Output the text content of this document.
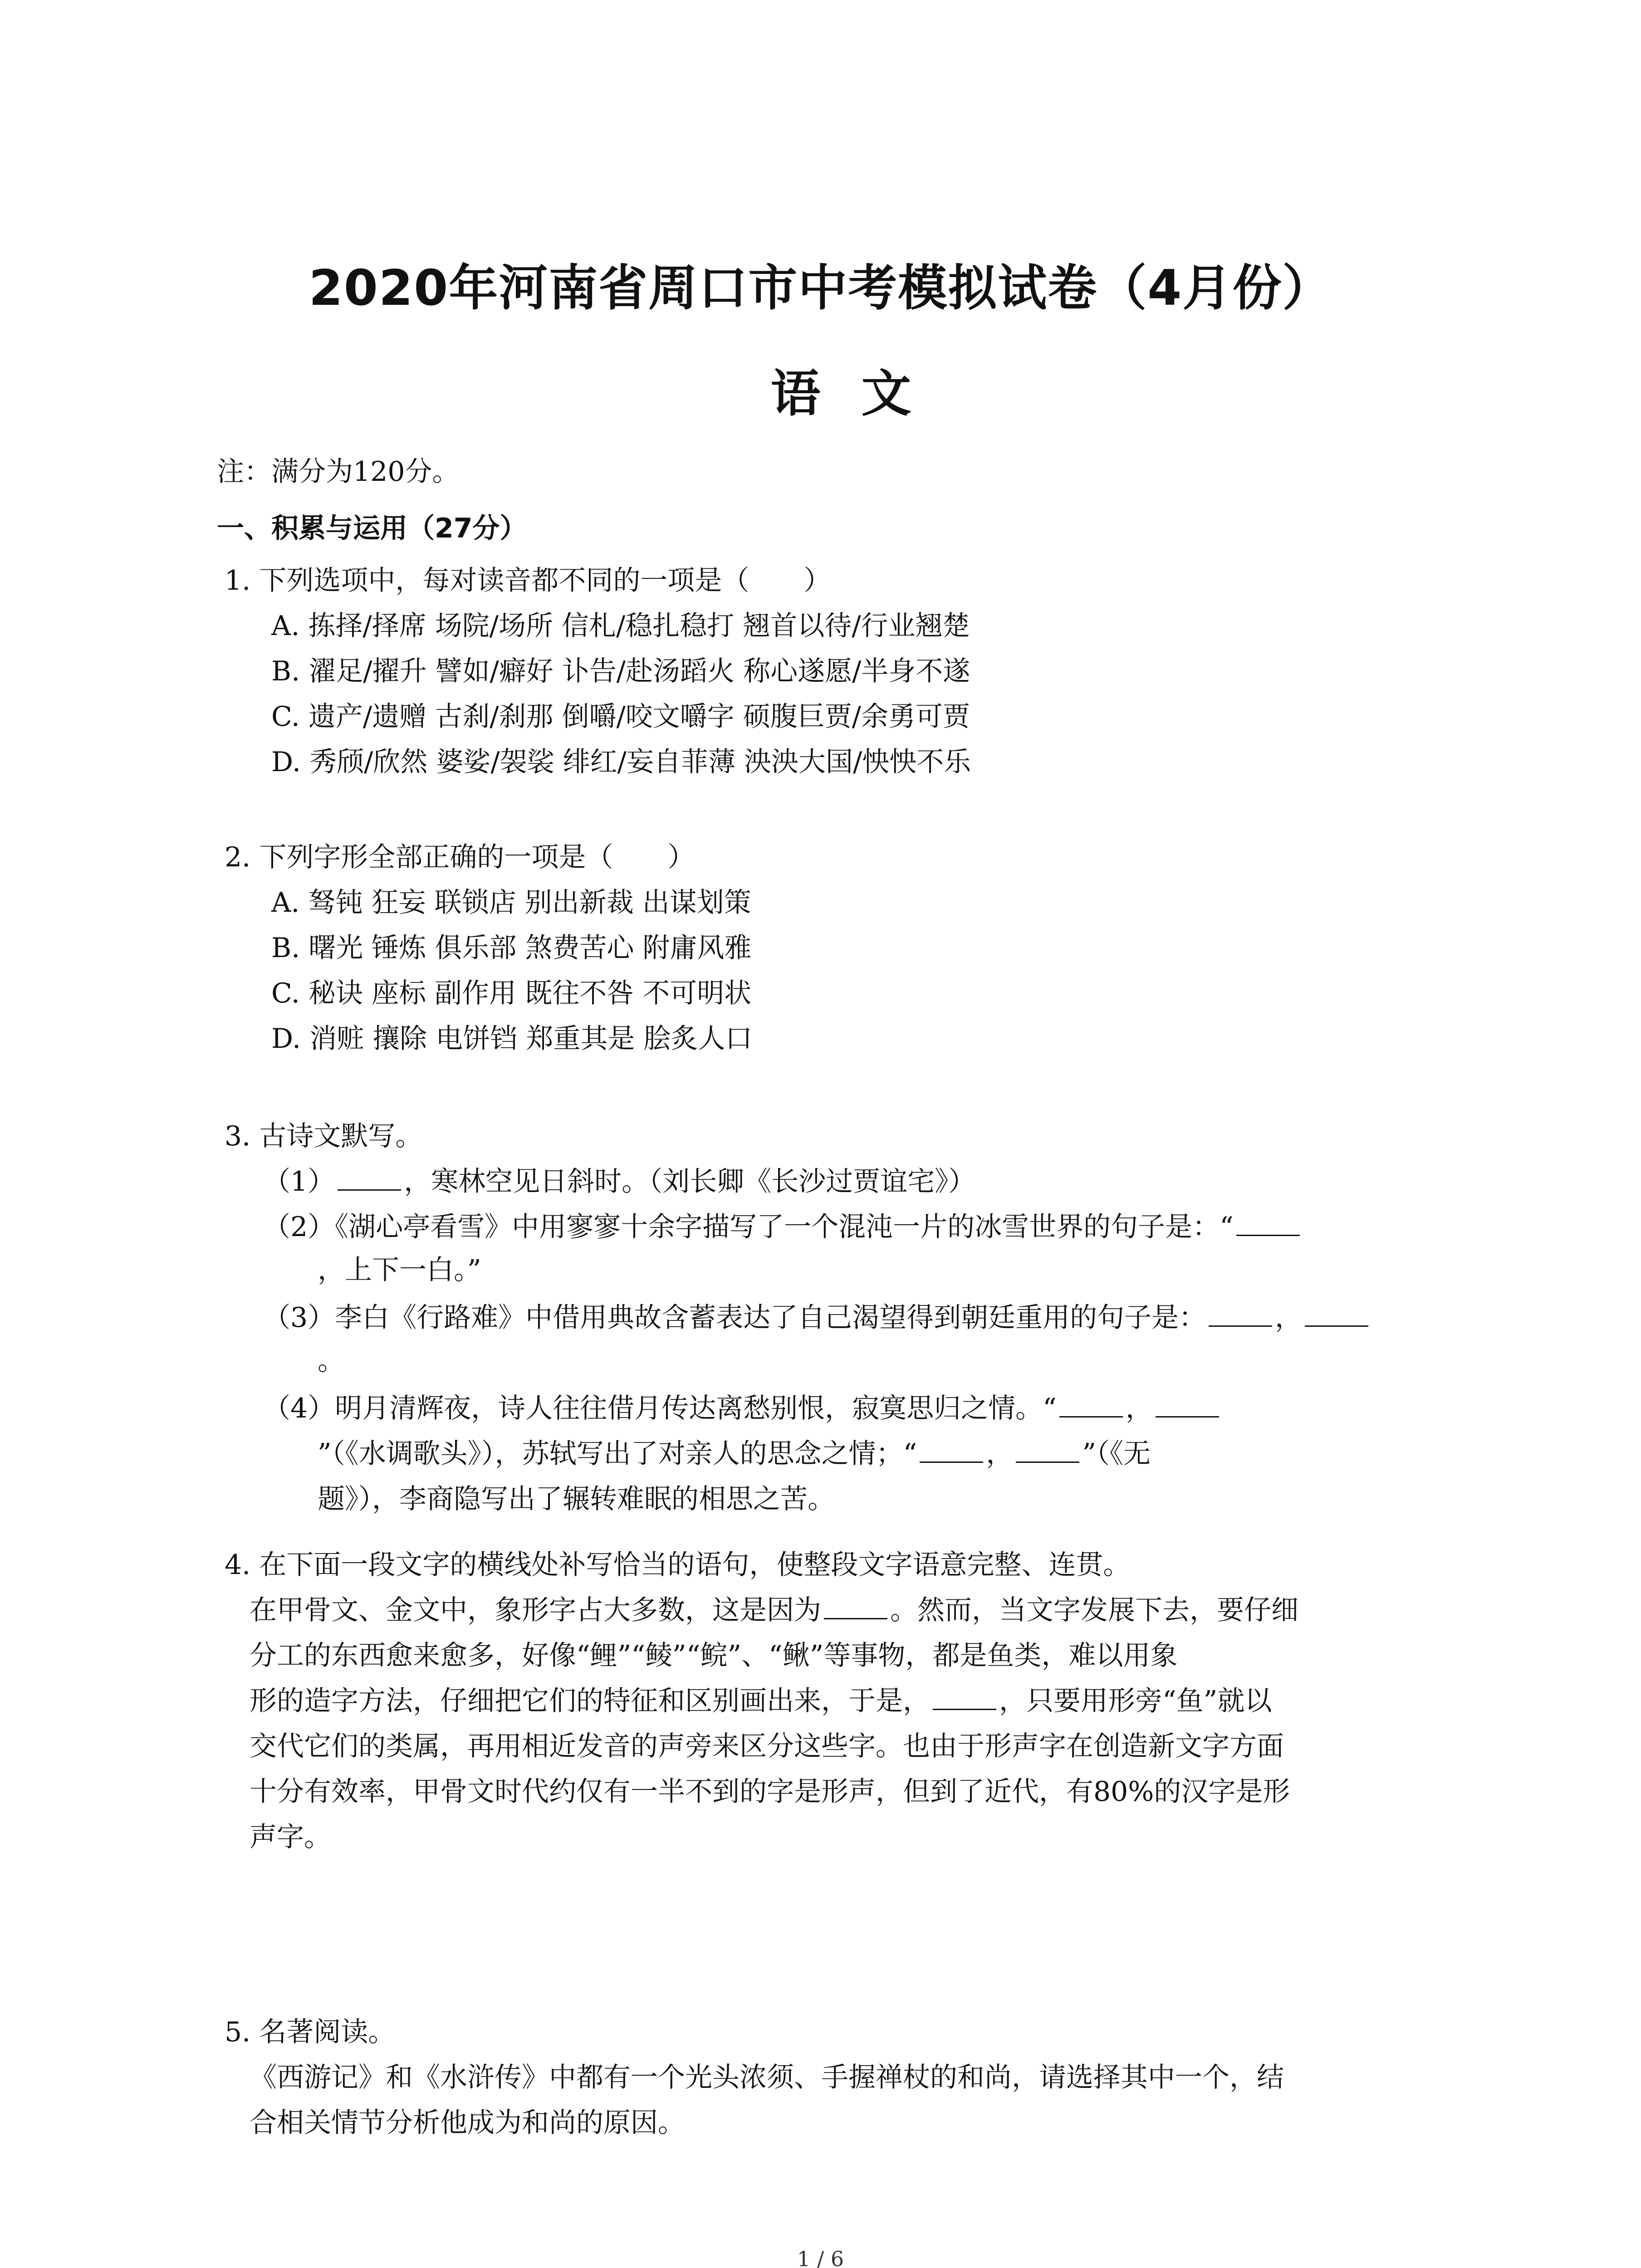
2020年河南省周口市中考模拟试卷（4月份）
语文
注：满分为120分。
一、积累与运用（27分）
1. 下列选项中，每对读音都不同的一项是（　　）
A. 拣择/择席 场院/场所 信札/稳扎稳打 翘首以待/行业翘楚
B. 濯足/擢升 譬如/癖好 讣告/赴汤蹈火 称心遂愿/半身不遂
C. 遗产/遗赠 古刹/刹那 倒嚼/咬文嚼字 硕腹巨贾/余勇可贾
D. 秀颀/欣然 婆娑/袈裟 绯红/妄自菲薄 泱泱大国/怏怏不乐
2. 下列字形全部正确的一项是（　　）
A. 驽钝 狂妄 联锁店 别出新裁 出谋划策
B. 曙光 锤炼 俱乐部 煞费苦心 附庸风雅
C. 秘诀 座标 副作用 既往不咎 不可明状
D. 消赃 攘除 电饼铛 郑重其是 脍炙人口
3. 古诗文默写。
（1）	，寒林空见日斜时。（刘长卿《长沙过贾谊宅》）
（2）《湖心亭看雪》中用寥寥十余字描写了一个混沌一片的冰雪世界的句子是：“
，上下一白。”
（3）李白《行路难》中借用典故含蓄表达了自己渴望得到朝廷重用的句子是：	，
。
（4）明月清辉夜，诗人往往借月传达离愁别恨，寂寞思归之情。“	，
”（《水调歌头》），苏轼写出了对亲人的思念之情；“	，	”（《无
题》），李商隐写出了辗转难眠的相思之苦。
4. 在下面一段文字的横线处补写恰当的语句，使整段文字语意完整、连贯。
在甲骨文、金文中，象形字占大多数，这是因为	。然而，当文字发展下去，要仔细
分工的东西愈来愈多，好像“鲤”“鲮”“鲩”、“鳅”等事物，都是鱼类，难以用象
形的造字方法，仔细把它们的特征和区别画出来，于是，	，只要用形旁“鱼”就以
交代它们的类属，再用相近发音的声旁来区分这些字。也由于形声字在创造新文字方面
十分有效率，甲骨文时代约仅有一半不到的字是形声，但到了近代，有80%的汉字是形
声字。
5. 名著阅读。
《西游记》和《水浒传》中都有一个光头浓须、手握禅杖的和尚，请选择其中一个，结
合相关情节分析他成为和尚的原因。
1 / 6
